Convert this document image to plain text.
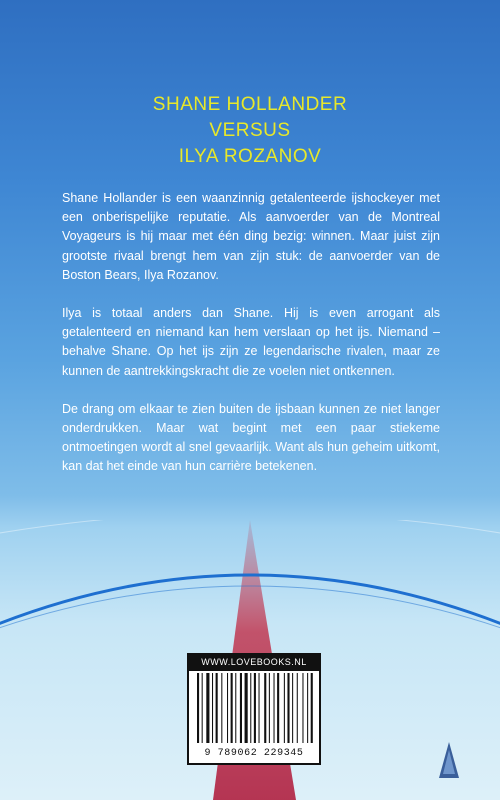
SHANE HOLLANDER
VERSUS
ILYA ROZANOV

Shane Hollander is een waanzinnig getalenteerde ijshockeyer met een onberispelijke reputatie. Als aanvoerder van de Montreal Voyageurs is hij maar met één ding bezig: winnen. Maar juist zijn grootste rivaal brengt hem van zijn stuk: de aanvoerder van de Boston Bears, Ilya Rozanov.

Ilya is totaal anders dan Shane. Hij is even arrogant als getalenteerd en niemand kan hem verslaan op het ijs. Niemand – behalve Shane. Op het ijs zijn ze legendarische rivalen, maar ze kunnen de aantrekkingskracht die ze voelen niet ontkennen.

De drang om elkaar te zien buiten de ijsbaan kunnen ze niet langer onderdrukken. Maar wat begint met een paar stiekeme ontmoetingen wordt al snel gevaarlijk. Want als hun geheim uitkomt, kan dat het einde van hun carrière betekenen.

WWW.LOVEBOOKS.NL
9 789062 229345
